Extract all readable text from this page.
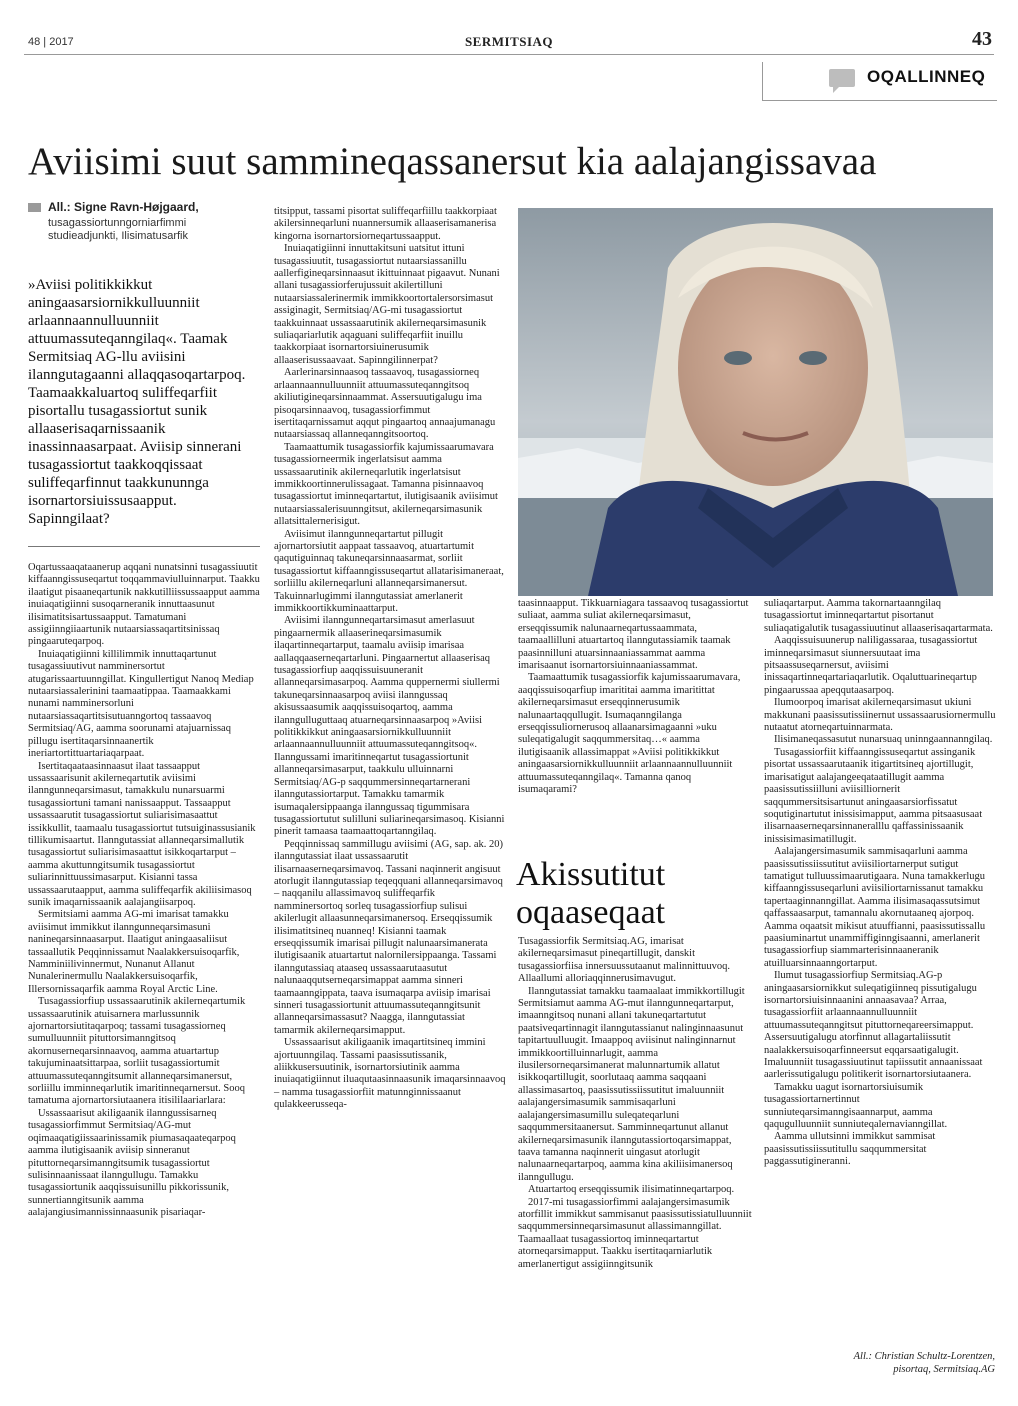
48 | 2017	SERMITSIAQ	43
OQALLINNEQ
Aviisimi suut sammineqassanersut kia aalajangissavaa
All.: Signe Ravn-Højgaard,
tusagassiortunngorniarfimmi
studieadjunkti, Ilisimatusarfik
»Aviisi politikkikkut aningaasarsiornikkulluunniit arlaannaannulluunniit attuumassuteqanngilaq«. Taamak Sermitsiaq AG-llu aviisini ilanngutagaanni allaqqasoqartarpoq. Taamaakkaluartoq suliffeqarfiit pisortallu tusagassiortut sunik allaaserisaqarnissaanik inassinnaasarpaat. Aviisip sinnerani tusagassiortut taakkoqqissaat suliffeqarfinnut taakkununnga isornartorsiuissusaapput. Sapinngilaat?

Oqartussaaqataanerup aqqani nunatsinni tusagassiuutit kiffaanngissuseqartut toqqammaviulluinnarput. Taakku ilaatigut pisaaneqartunik nakkutilliissussaapput aamma inuiaqatigiinni susoqarneranik innuttaasunut ilisimatitsisartussaapput. Tamatumani assigiinngiiaartunik nutaarsiassaqartitsinissaq pingaaruteqarpoq.

Inuiaqatigiinni killilimmik innuttaqartunut tusagassiuutivut namminersortut atugarissaartuunngillat. Kingullertigut Nanoq Mediap nutaarsiassalerinini taamaatippaa. Taamaakkami nunami namminersorluni nutaarsiassaqartitsisutuanngortoq tassaavoq Sermitsiaq/AG, aamma soorunami atajuarnissaq pillugu isertitaqarsinnaanertik ineriartortittuartariaqarpaat.

Isertitaqaataasinnaasut ilaat tassaapput ussassaarisunit akilerneqartutik aviisimi ilanngunneqarsimasut, tamakkulu nunarsuarmi tusagassiortuni tamani nanissaapput. Tassaapput ussassaarutit tusagassiortut suliarisimasaattut issikkullit, taamaalu tusagassiortut tutsuiginassusianik tillikumisaartut. Ilanngutassiat allanneqarsimallutik tusagassiortut suliarisimasaattut isikkoqartarput – aamma akuttunngitsumik tusagassiortut suliarinnittuussimasarput. Kisianni tassa ussassaarutaapput, aamma suliffeqarfik akiliisimasoq sunik imaqarnissaanik aalajangiisarpoq.

Sermitsiami aamma AG-mi imarisat tamakku aviisimut immikkut ilanngunneqarsimasuni nanineqarsinnaasarput. Ilaatigut aningaasaliisut tassaallutik Peqqinnissamut Naalakkersuisoqarfik, Namminiilivinnermut, Nunanut Allanut Nunalerinermullu Naalakkersuisoqarfik, Illersornissaqarfik aamma Royal Arctic Line.

Tusagassiorfiup ussassaarutinik akilerneqartumik ussassaarutinik atuisarnera marlussunnik ajornartorsiutitaqarpoq; tassami tusagassiorneq sumulluunniit pituttorsimanngitsoq akornuserneqarsinnaavoq, aamma atuartartup takujuminaatsittarpaa, sorliit tusagassiortumit attuumassuteqanngitsumit allanneqarsimanersut, sorliillu imminneqarlutik imaritinneqarnersut. Sooq tamatuma ajornartorsiutaanera itisililaariarlara:

Ussassaarisut akiligaanik ilanngussisarneq tusagassiorfimmut Sermitsiaq/AG-mut oqimaaqatigiissaarinissamik piumasaqaateqarpoq aamma ilutigisaanik aviisip sinneranut pituttorneqarsimanngitsumik tusagassiortut sulisinnaanissaat ilanngullugu. Tamakku tusagassiortunik aaqqissuisunillu pikkorissunik, sunnertianngitsunik aamma aalajangiusimannissinnaasunik pisariaqar-

titsipput, tassami pisortat suliffeqarfiillu taakkorpiaat akilersinneqarluni nuannersumik allaaserisamanerisa kingorna isornartorsiorneqartussaapput.

Inuiaqatigiinni innuttakitsuni uatsitut ittuni tusagassiuutit, tusagassiortut nutaarsiassanillu aallerfigineqarsinnaasut ikittuinnaat pigaavut. Nunani allani tusagassiorferujussuit akilertilluni nutaarsiassalerinermik immikkoortortalersorsimasut assiginagit, Sermitsiaq/AG-mi tusagassiortut taakkuinnaat ussassaarutinik akilerneqarsimasunik suliaqariarlutik aqaguani suliffeqarfiit inuillu taakkorpiaat isornartorsiuinerusumik allaaserisussaavaat. Sapinngilinnerpat?

Aarlerinarsinnaasoq tassaavoq, tusagassiorneq arlaannaannulluunniit attuumassuteqanngitsoq akiliutigineqarsinnaammat. Assersuutigalugu ima pisoqarsinnaavoq, tusagassiorfimmut isertitaqarnissamut aqqut pingaartoq annaajumanagu nutaarsiassaq allanneqanngitsoortoq.

Taamaattumik tusagassiorfik kajumissaarumavara tusagassiorneermik ingerlatsisut aamma ussassaarutinik akilerneqarlutik ingerlatsisut immikkoortinnerulissagaat. Tamanna pisinnaavoq tusagassiortut iminneqartartut, ilutigisaanik aviisimut nutaarsiassalerisuunngitsut, akilerneqarsimasunik allatsittalernerisigut.

Aviisimut ilanngunneqartartut pillugit ajornartorsiutit aappaat tassaavoq, atuartartumit qaqutiguinnaq takuneqarsinnaasarmat, sorliit tusagassiortut kiffaanngissuseqartut allatarisimaneraat, sorliillu akilerneqarluni allanneqarsimanersut. Takuinnarlugimmi ilanngutassiat amerlanerit immikkoortikkuminaattarput.

Aviisimi ilanngunneqartarsimasut amerlasuut pingaarnermik allaaserineqarsimasumik ilaqartinneqartarput, taamalu aviisip imarisaa aallaqqaaserneqartarluni. Pingaarnertut allaaserisaq tusagassiorfiup aaqqissuisuuneranit allanneqarsimasarpoq. Aamma quppernermi siullermi takuneqarsinnaasarpoq aviisi ilanngussaq akisussaasumik aaqqissuisoqartoq, aamma ilanngulluguttaaq atuarneqarsinnaasarpoq »Aviisi politikkikkut aningaasarsiornikkulluunniit arlaannaannulluunniit attuumassuteqanngitsoq«. Ilanngussami imaritinneqartut tusagassiortunit allanneqarsimasarput, taakkulu ulluinnarni Sermitsiaq/AG-p saqqummersinneqartarnerani ilanngutassiortarput. Tamakku tamarmik isumaqalersippaanga ilanngussaq tigummisara tusagassiortutut sulilluni suliarineqarsimasoq. Kisianni pinerit tamaasa taamaattoqartanngilaq.

Peqqinnissaq sammillugu aviisimi (AG, sap. ak. 20) ilanngutassiat ilaat ussassaarutit ilisarnaaserneqarsimavoq. Tassani naqinnerit angisuut atorlugit ilanngutassiap teqeqquani allanneqarsimavoq – naqqanilu allassimavoq suliffeqarfik namminersortoq sorleq tusagassiorfiup sulisui akilerlugit allaasunneqarsimanersoq. Erseqqissumik ilisimatitsineq nuanneq! Kisianni taamak erseqqissumik imarisai pillugit nalunaarsimanerata ilutigisaanik atuartartut nalornilersippaanga. Tassami ilanngutassiaq ataaseq ussassaarutaasutut nalunaaqqutserneqarsimappat aamma sinneri taamaanngippata, taava isumaqarpa aviisip imarisai sinneri tusagassiortunit attuumassuteqanngitsunit allanneqarsimassasut? Naagga, ilanngutassiat tamarmik akilerneqarsimapput.

Ussassaarisut akiligaanik imaqartitsineq immini ajortuunngilaq. Tassami paasissutissanik, aliikkusersuutinik, isornartorsiutinik aamma inuiaqatigiinnut iluaqutaasinnaasunik imaqarsinnaavoq – namma tusagassiorfiit matunnginnissaanut qulakkeerusseqa-

taasinnaapput. Tikkuarniagara tassaavoq tusagassiortut suliaat, aamma suliat akilerneqarsimasut, erseqqissumik nalunaarneqartussaammata, taamaallilluni atuartartoq ilanngutassiamik taamak paasinnilluni atuarsinnaaniassammat aamma imarisaanut isornartorsiuinnaaniassammat.

Taamaattumik tusagassiorfik kajumissaarumavara, aaqqissuisoqarfiup imarititai aamma imaritittat akilerneqarsimasut erseqqinnerusumik nalunaartaqqullugit. Isumaqanngilanga erseqqissuliornerusoq allaanarsimagaanni »uku suleqatigalugit saqqummersitaq…« aamma ilutigisaanik allassimappat »Aviisi politikkikkut aningaasarsiornikkulluunniit arlaannaannulluunniit attuumassuteqanngilaq«. Tamanna qanoq isumaqarami?

Akissutitut oqaaseqaat

Tusagassiorfik Sermitsiaq.AG, imarisat akilerneqarsimasut pineqartillugit, danskit tusagassiorfiisa innersuussutaanut malinnittuuvoq. Allaallumi alloriaqqinnerusimavugut.

Ilanngutassiat tamakku taamaalaat immikkortillugit Sermitsiamut aamma AG-mut ilanngunneqartarput, imaanngitsoq nunani allani takuneqartartutut paatsiveqartinnagit ilanngutassianut nalinginnaasunut tapitartuulluugit. Imaappoq aviisinut nalinginnarnut immikkoortilluinnarlugit, aamma ilusilersorneqarsimanerat malunnartumik allatut isikkoqartillugit, soorlutaaq aamma saqqaani allassimasartoq, paasissutissiissutitut imaluunniit aalajangersimasumik sammisaqarluni aalajangersimasumillu suleqateqarluni saqqummersitaanersut. Samminneqartunut allanut akilerneqarsimasunik ilanngutassiortoqarsimappat, taava tamanna naqinnerit uingasut atorlugit nalunaarneqartarpoq, aamma kina akiliisimanersoq ilanngullugu.

Atuartartoq erseqqissumik ilisimatinneqartarpoq.

2017-mi tusagassiorfimmi aalajangersimasumik atorfillit immikkut sammisanut paasissutissiatulluunniit saqqummersinneqarsimasunut allassimanngillat. Taamaallaat tusagassiortoq iminneqartartut atorneqarsimapput. Taakku isertitaqarniarlutik amerlanertigut assigiinngitsunik

suliaqartarput. Aamma takornartaanngilaq tusagassiortut iminneqartartut pisortanut suliaqatigalutik tusagassiuutinut allaaserisaqartarmata.

Aaqqissuisuunerup naliligassaraa, tusagassiortut iminneqarsimasut siunnersuutaat ima pitsaassuseqarnersut, aviisimi inissaqartinneqartariaqarlutik. Oqaluttuarineqartup pingaarussaa apeqqutaasarpoq.

Ilumoorpoq imarisat akilerneqarsimasut ukiuni makkunani paasissutissiinernut ussassaarusiornermullu nutaatut atorneqartuinnarmata.

Ilisimaneqassasutut nunarsuaq uninngaannanngilaq.

Tusagassiorfiit kiffaanngissuseqartut assinganik pisortat ussassaarutaanik itigartitsineq ajortillugit, imarisatigut aalajangeeqataatillugit aamma paasissutissiilluni aviisilliornerit saqqummersitsisartunut aningaasarsiorfissatut soqutiginartutut inissisimapput, aamma pitsaasusaat ilisarnaaserneqarsinnaneralllu qaffassinissaanik inissisimasimatillugit.

Aalajangersimasumik sammisaqarluni aamma paasissutissiissutitut aviisiliortarnerput sutigut tamatigut tulluussimaarutigaara. Nuna tamakkerlugu kiffaanngissuseqarluni aviisiliortarnissanut tamakku tapertaaginnanngillat. Aamma ilisimasaqassutsimut qaffassaasarput, tamannalu akornutaaneq ajorpoq. Aamma oqaatsit mikisut atuuffianni, paasissutissallu paasiuminartut unammiffiginngisaanni, amerlanerit tusagassiorfiup siammarterisinnaaneranik atuilluarsinnaanngortarput.

Ilumut tusagassiorfiup Sermitsiaq.AG-p aningaasarsiornikkut suleqatigiinneq pissutigalugu isornartorsiuisinnaanini annaasavaa? Arraa, tusagassiorfiit arlaannaannulluunniit attuumassuteqanngitsut pituttorneqareersimapput. Assersuutigalugu atorfinnut allagartaliissutit naalakkersuisoqarfinneersut eqqarsaatigalugit. Imaluunniit tusagassiuutinut tapiissutit annaanissaat aarlerissutigalugu politikerit isornartorsiutaanera.

Tamakku uagut isornartorsiuisumik tusagassiortarnertinnut sunniuteqarsimanngisaannarput, aamma qaqugulluunniit sunniuteqalernavianngillat.

Aamma ullutsinni immikkut sammisat paasissutissiissutitullu saqqummersitat paggassutigineranni.

All.: Christian Schultz-Lorentzen,
pisortaq, Sermitsiaq.AG
